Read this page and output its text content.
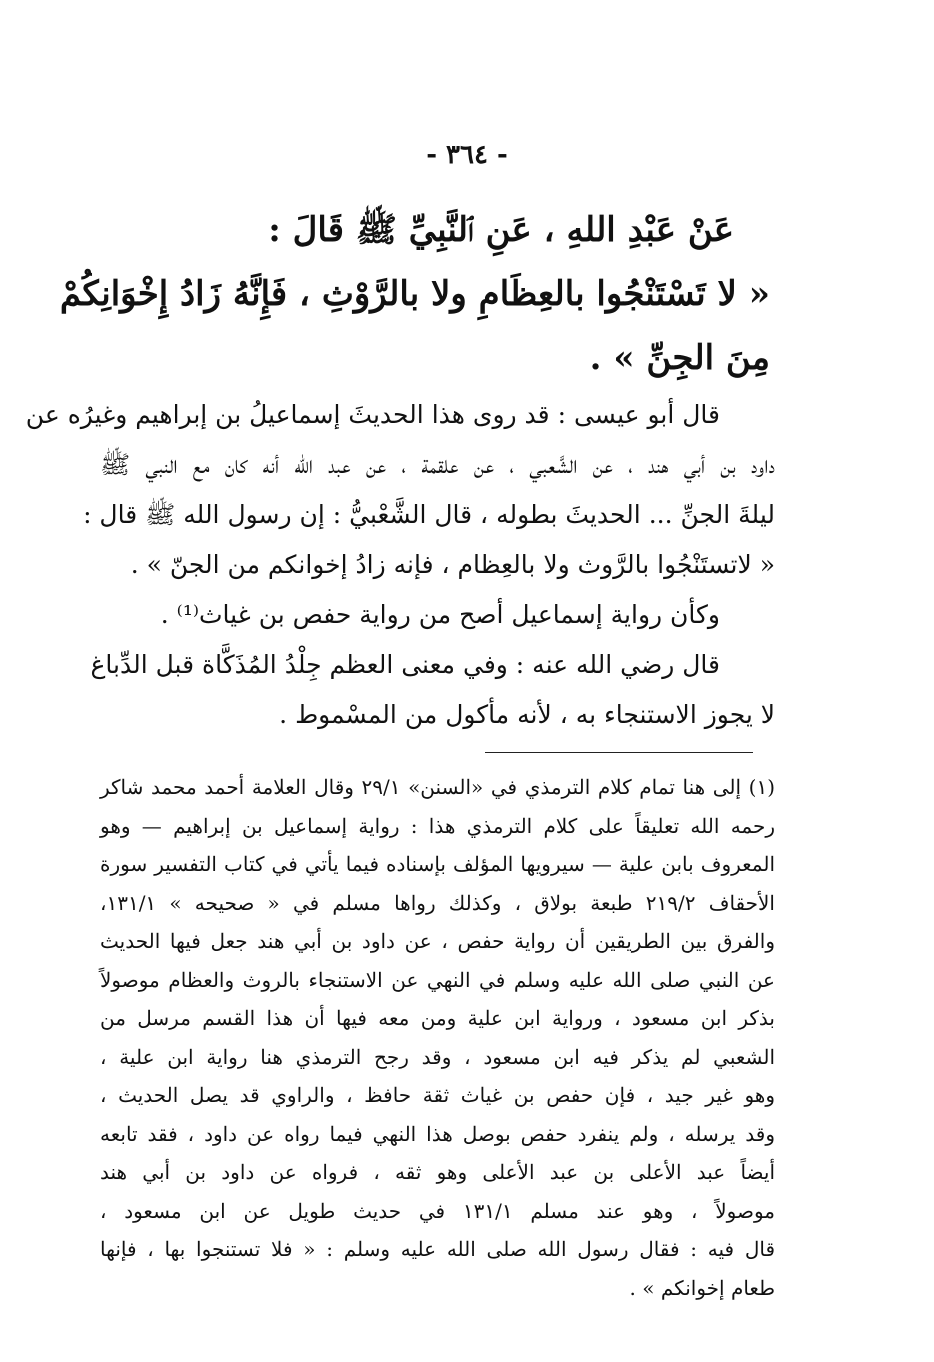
- ٣٦٤ -
عَنْ عَبْدِ اللهِ ، عَنِ ٱلنَّبِيِّ ﷺ قَالَ :
« لا تَسْتَنْجُوا بالعِظَامِ ولا بالرَّوْثِ ، فَإِنَّهُ زَادُ إِخْوَانِكُمْ
مِنَ الجِنِّ » .
قال أبو عيسى : قد روى هذا الحديثَ إسماعيلُ بن إبراهيم وغيرُه عن
داود بن أبي هند ، عن الشَّعبي ، عن علقمة ، عن عبد الله أنه كان مع النبي ﷺ
ليلةَ الجنِّ ... الحديثَ بطوله ، قال الشَّعْبيُّ : إن رسول الله ﷺ قال :
« لاتستَنْجُوا بالرَّوث ولا بالعِظام ، فإنه زادُ إخوانكم من الجنّ » .
وكأن رواية إسماعيل أصح من رواية حفص بن غياث⁽¹⁾ .
قال رضي الله عنه : وفي معنى العظم جِلْدُ المُذَكَّاة قبل الدِّباغ
لا يجوز الاستنجاء به ، لأنه مأكول من المسْموط .
(١) إلى هنا تمام كلام الترمذي في «السنن» ٢٩/١ وقال العلامة أحمد محمد شاكر
رحمه الله تعليقاً على كلام الترمذي هذا : رواية إسماعيل بن إبراهيم — وهو
المعروف بابن علية — سيرويها المؤلف بإسناده فيما يأتي في كتاب التفسير سورة
الأحقاف ٢١٩/٢ طبعة بولاق ، وكذلك رواها مسلم في « صحيحه » ١٣١/١،
والفرق بين الطريقين أن رواية حفص ، عن داود بن أبي هند جعل فيها الحديث
عن النبي صلى الله عليه وسلم في النهي عن الاستنجاء بالروث والعظام موصولاً
بذكر ابن مسعود ، ورواية ابن علية ومن معه فيها أن هذا القسم مرسل من
الشعبي لم يذكر فيه ابن مسعود ، وقد رجح الترمذي هنا رواية ابن علية ،
وهو غير جيد ، فإن حفص بن غياث ثقة حافظ ، والراوي قد يصل الحديث ،
وقد يرسله ، ولم ينفرد حفص بوصل هذا النهي فيما رواه عن داود ، فقد تابعه
أيضاً عبد الأعلى بن عبد الأعلى وهو ثقه ، فرواه عن داود بن أبي هند
موصولاً ، وهو عند مسلم ١٣١/١ في حديث طويل عن ابن مسعود ،
قال فيه : فقال رسول الله صلى الله عليه وسلم : « فلا تستنجوا بها ، فإنها
طعام إخوانكم » .
